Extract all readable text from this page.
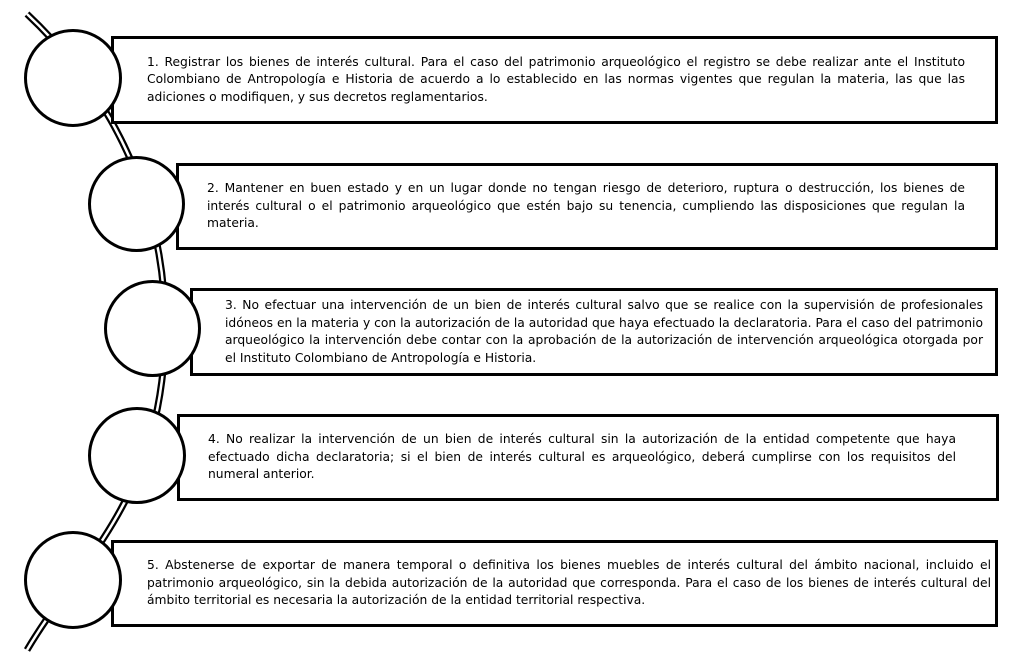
1. Registrar los bienes de interés cultural. Para el caso del patrimonio arqueológico el registro se debe realizar ante el Instituto Colombiano de Antropología e Historia de acuerdo a lo establecido en las normas vigentes que regulan la materia, las que las adiciones o modifiquen, y sus decretos reglamentarios.
2. Mantener en buen estado y en un lugar donde no tengan riesgo de deterioro, ruptura o destrucción, los bienes de interés cultural o el patrimonio arqueológico que estén bajo su tenencia, cumpliendo las disposiciones que regulan la materia.
3. No efectuar una intervención de un bien de interés cultural salvo que se realice con la supervisión de profesionales idóneos en la materia y con la autorización de la autoridad que haya efectuado la declaratoria. Para el caso del patrimonio arqueológico la intervención debe contar con la aprobación de la autorización de intervención arqueológica otorgada por el Instituto Colombiano de Antropología e Historia.
4. No realizar la intervención de un bien de interés cultural sin la autorización de la entidad competente que haya efectuado dicha declaratoria; si el bien de interés cultural es arqueológico, deberá cumplirse con los requisitos del numeral anterior.
5. Abstenerse de exportar de manera temporal o definitiva los bienes muebles de interés cultural del ámbito nacional, incluido el patrimonio arqueológico, sin la debida autorización de la autoridad que corresponda. Para el caso de los bienes de interés cultural del ámbito territorial es necesaria la autorización de la entidad territorial respectiva.
